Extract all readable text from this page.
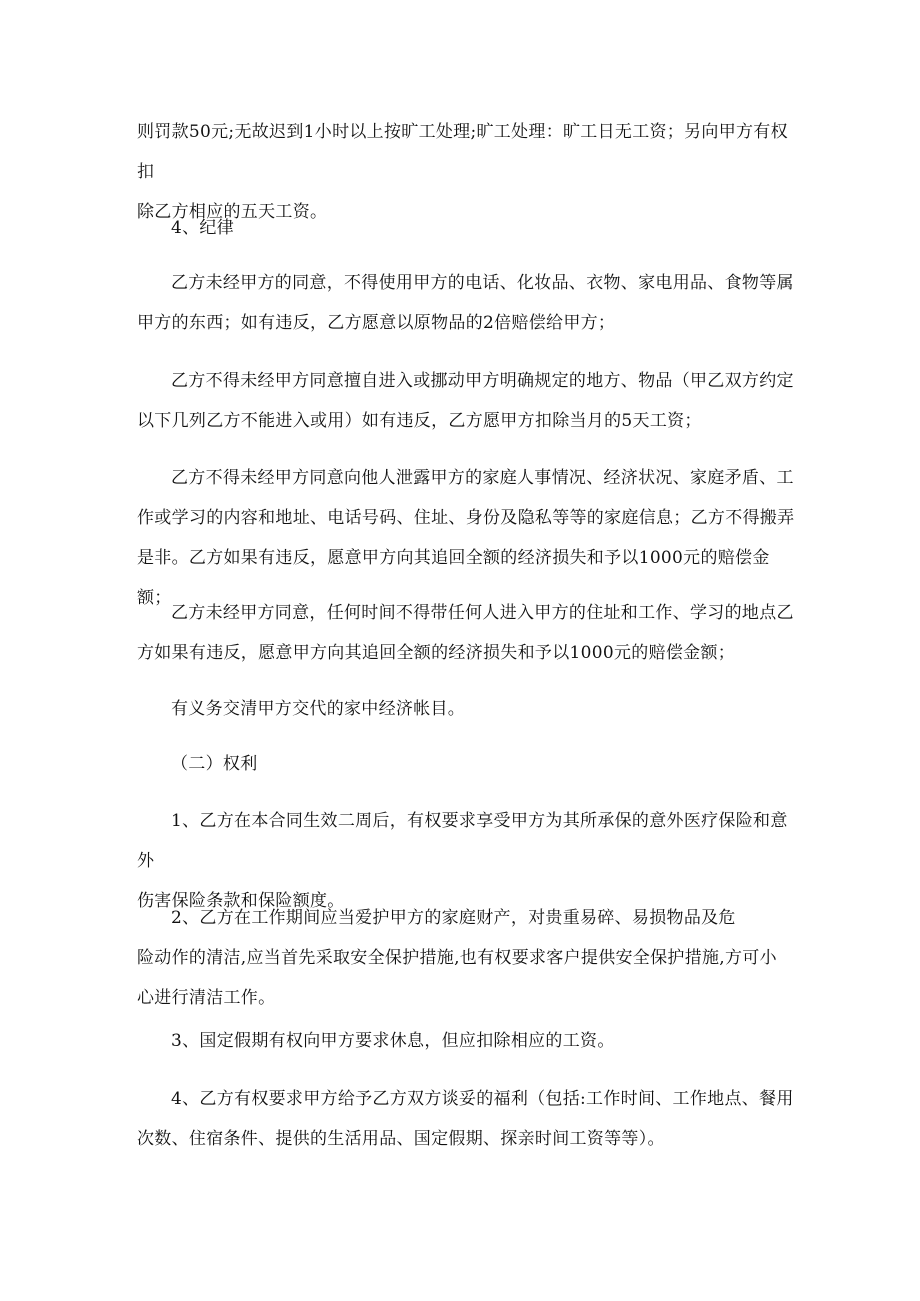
则罚款50元;无故迟到1小时以上按旷工处理;旷工处理：旷工日无工资；另向甲方有权扣
除乙方相应的五天工资。

4、纪律

乙方未经甲方的同意，不得使用甲方的电话、化妆品、衣物、家电用品、食物等属
甲方的东西；如有违反，乙方愿意以原物品的2倍赔偿给甲方；

乙方不得未经甲方同意擅自进入或挪动甲方明确规定的地方、物品（甲乙双方约定
以下几列乙方不能进入或用）如有违反，乙方愿甲方扣除当月的5天工资；

乙方不得未经甲方同意向他人泄露甲方的家庭人事情况、经济状况、家庭矛盾、工
作或学习的内容和地址、电话号码、住址、身份及隐私等等的家庭信息；乙方不得搬弄
是非。乙方如果有违反，愿意甲方向其追回全额的经济损失和予以1000元的赔偿金额；

乙方未经甲方同意，任何时间不得带任何人进入甲方的住址和工作、学习的地点乙
方如果有违反，愿意甲方向其追回全额的经济损失和予以1000元的赔偿金额；

有义务交清甲方交代的家中经济帐目。

（二）权利

1、乙方在本合同生效二周后，有权要求享受甲方为其所承保的意外医疗保险和意外
伤害保险条款和保险额度。

2、乙方在工作期间应当爱护甲方的家庭财产，对贵重易碎、易损物品及危
险动作的清洁,应当首先采取安全保护措施,也有权要求客户提供安全保护措施,方可小
心进行清洁工作。

3、国定假期有权向甲方要求休息，但应扣除相应的工资。

4、乙方有权要求甲方给予乙方双方谈妥的福利（包括:工作时间、工作地点、餐用
次数、住宿条件、提供的生活用品、国定假期、探亲时间工资等等）。
